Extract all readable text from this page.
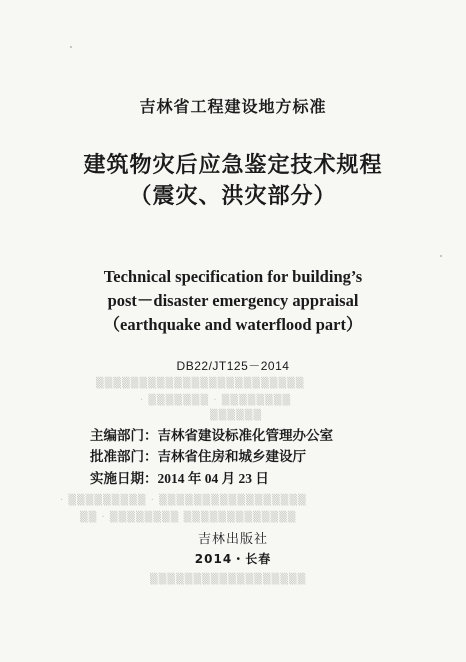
▒▒▒▒▒▒▒▒▒▒▒▒▒▒▒▒▒▒▒▒▒▒▒▒
· ▒▒▒▒▒▒▒ · ▒▒▒▒▒▒▒▒
▒▒▒▒▒▒
· ▒▒▒▒▒▒▒▒▒ · ▒▒▒▒▒▒▒▒▒▒▒▒▒▒▒▒▒
▒▒ · ▒▒▒▒▒▒▒▒ ▒▒▒▒▒▒▒▒▒▒▒▒▒
▒▒▒▒▒▒▒▒▒▒▒▒▒▒▒▒▒▒
吉林省工程建设地方标准
建筑物灾后应急鉴定技术规程
（震灾、洪灾部分）
Technical specification for building’s
post－disaster emergency appraisal
（earthquake and waterflood part）
DB22/JT125－2014
主编部门：吉林省建设标准化管理办公室
批准部门：吉林省住房和城乡建设厅
实施日期：2014 年 04 月 23 日
吉林出版社
2014・长春
